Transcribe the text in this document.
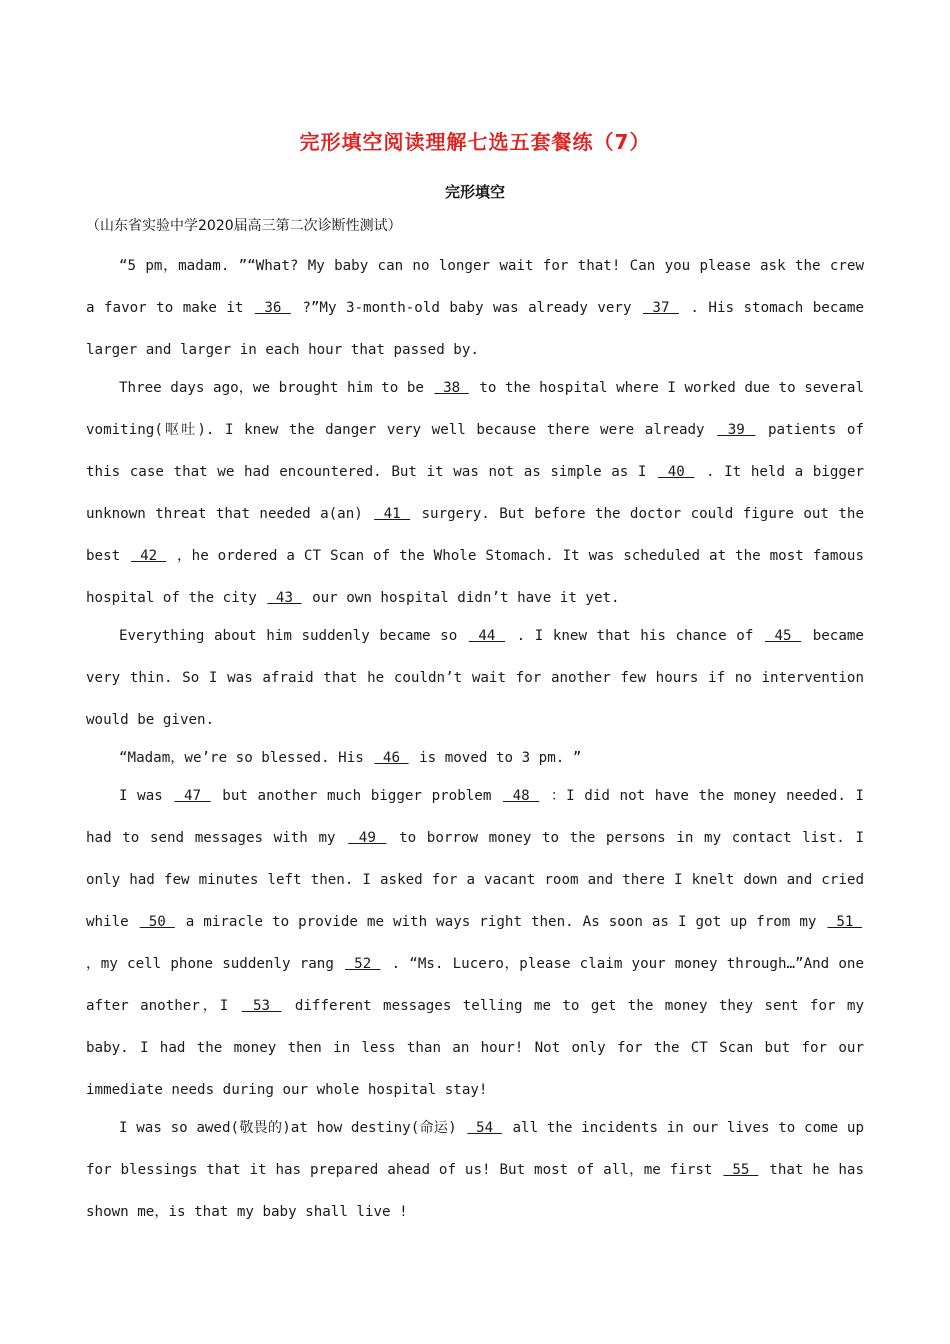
完形填空阅读理解七选五套餐练（7）
完形填空
（山东省实验中学2020届高三第二次诊断性测试）

“5 pm，madam. ”“What? My baby can no longer wait for that! Can you please ask the crew a favor to make it  36  ?”My 3-month-old baby was already very  37  . His stomach became larger and larger in each hour that passed by.

Three days ago，we brought him to be  38  to the hospital where I worked due to several vomiting(呕吐). I knew the danger very well because there were already  39  patients of this case that we had encountered. But it was not as simple as I  40  . It held a bigger unknown threat that needed a(an)  41  surgery. But before the doctor could figure out the best  42  ，he ordered a CT Scan of the Whole Stomach. It was scheduled at the most famous hospital of the city  43  our own hospital didn’t have it yet.

Everything about him suddenly became so  44  . I knew that his chance of  45  became very thin. So I was afraid that he couldn’t wait for another few hours if no intervention would be given.

“Madam，we’re so blessed. His  46  is moved to 3 pm. ”

I was  47  but another much bigger problem  48  ：I did not have the money needed. I had to send messages with my  49  to borrow money to the persons in my contact list. I only had few minutes left then. I asked for a vacant room and there I knelt down and cried while  50  a miracle to provide me with ways right then. As soon as I got up from my  51  ，my cell phone suddenly rang  52  . “Ms. Lucero，please claim your money through…”And one after another，I  53  different messages telling me to get the money they sent for my baby. I had the money then in less than an hour! Not only for the CT Scan but for our immediate needs during our whole hospital stay!

I was so awed(敬畏的)at how destiny(命运)  54  all the incidents in our lives to come up for blessings that it has prepared ahead of us! But most of all，me first  55  that he has shown me，is that my baby shall live !
